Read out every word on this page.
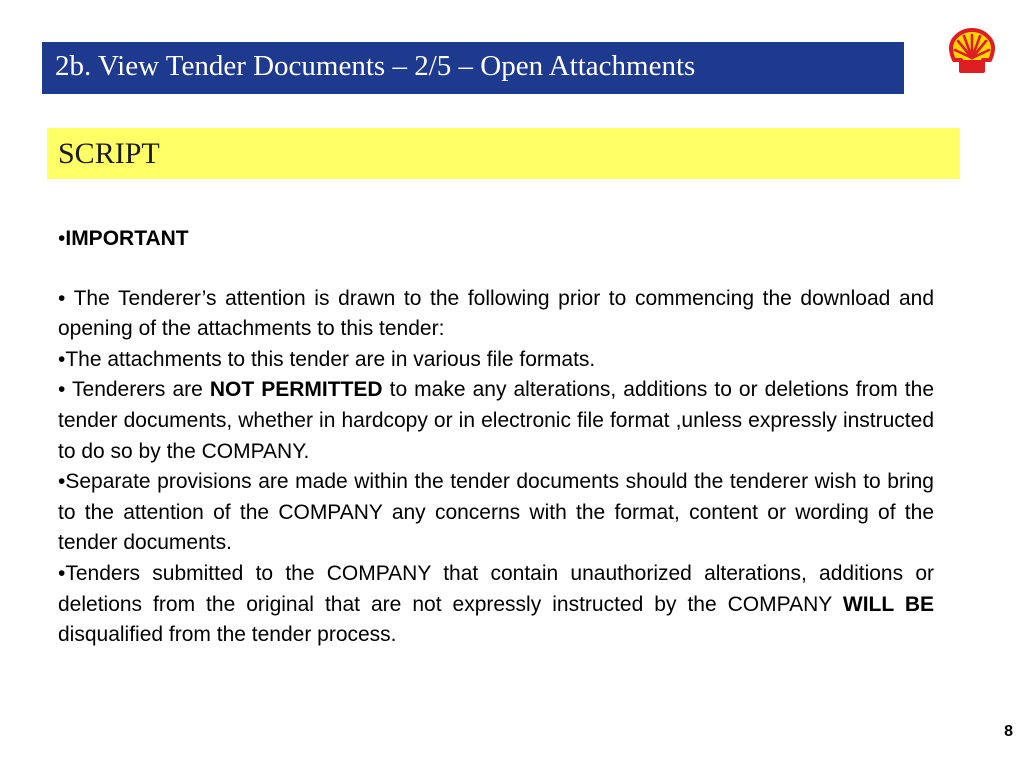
2b. View Tender Documents – 2/5 – Open Attachments
SCRIPT

•IMPORTANT

• The Tenderer’s attention is drawn to the following prior to commencing the download and opening of the attachments to this tender:

•The attachments to this tender are in various file formats.

• Tenderers are NOT PERMITTED to make any alterations, additions to or deletions from the tender documents, whether in hardcopy or in electronic file format ,unless expressly instructed to do so by the COMPANY.

•Separate provisions are made within the tender documents should the tenderer wish to bring to the attention of the COMPANY any concerns with the format, content or wording of the tender documents.

•Tenders submitted to the COMPANY that contain unauthorized alterations, additions or deletions from the original that are not expressly instructed by the COMPANY WILL BE disqualified from the tender process.

8
